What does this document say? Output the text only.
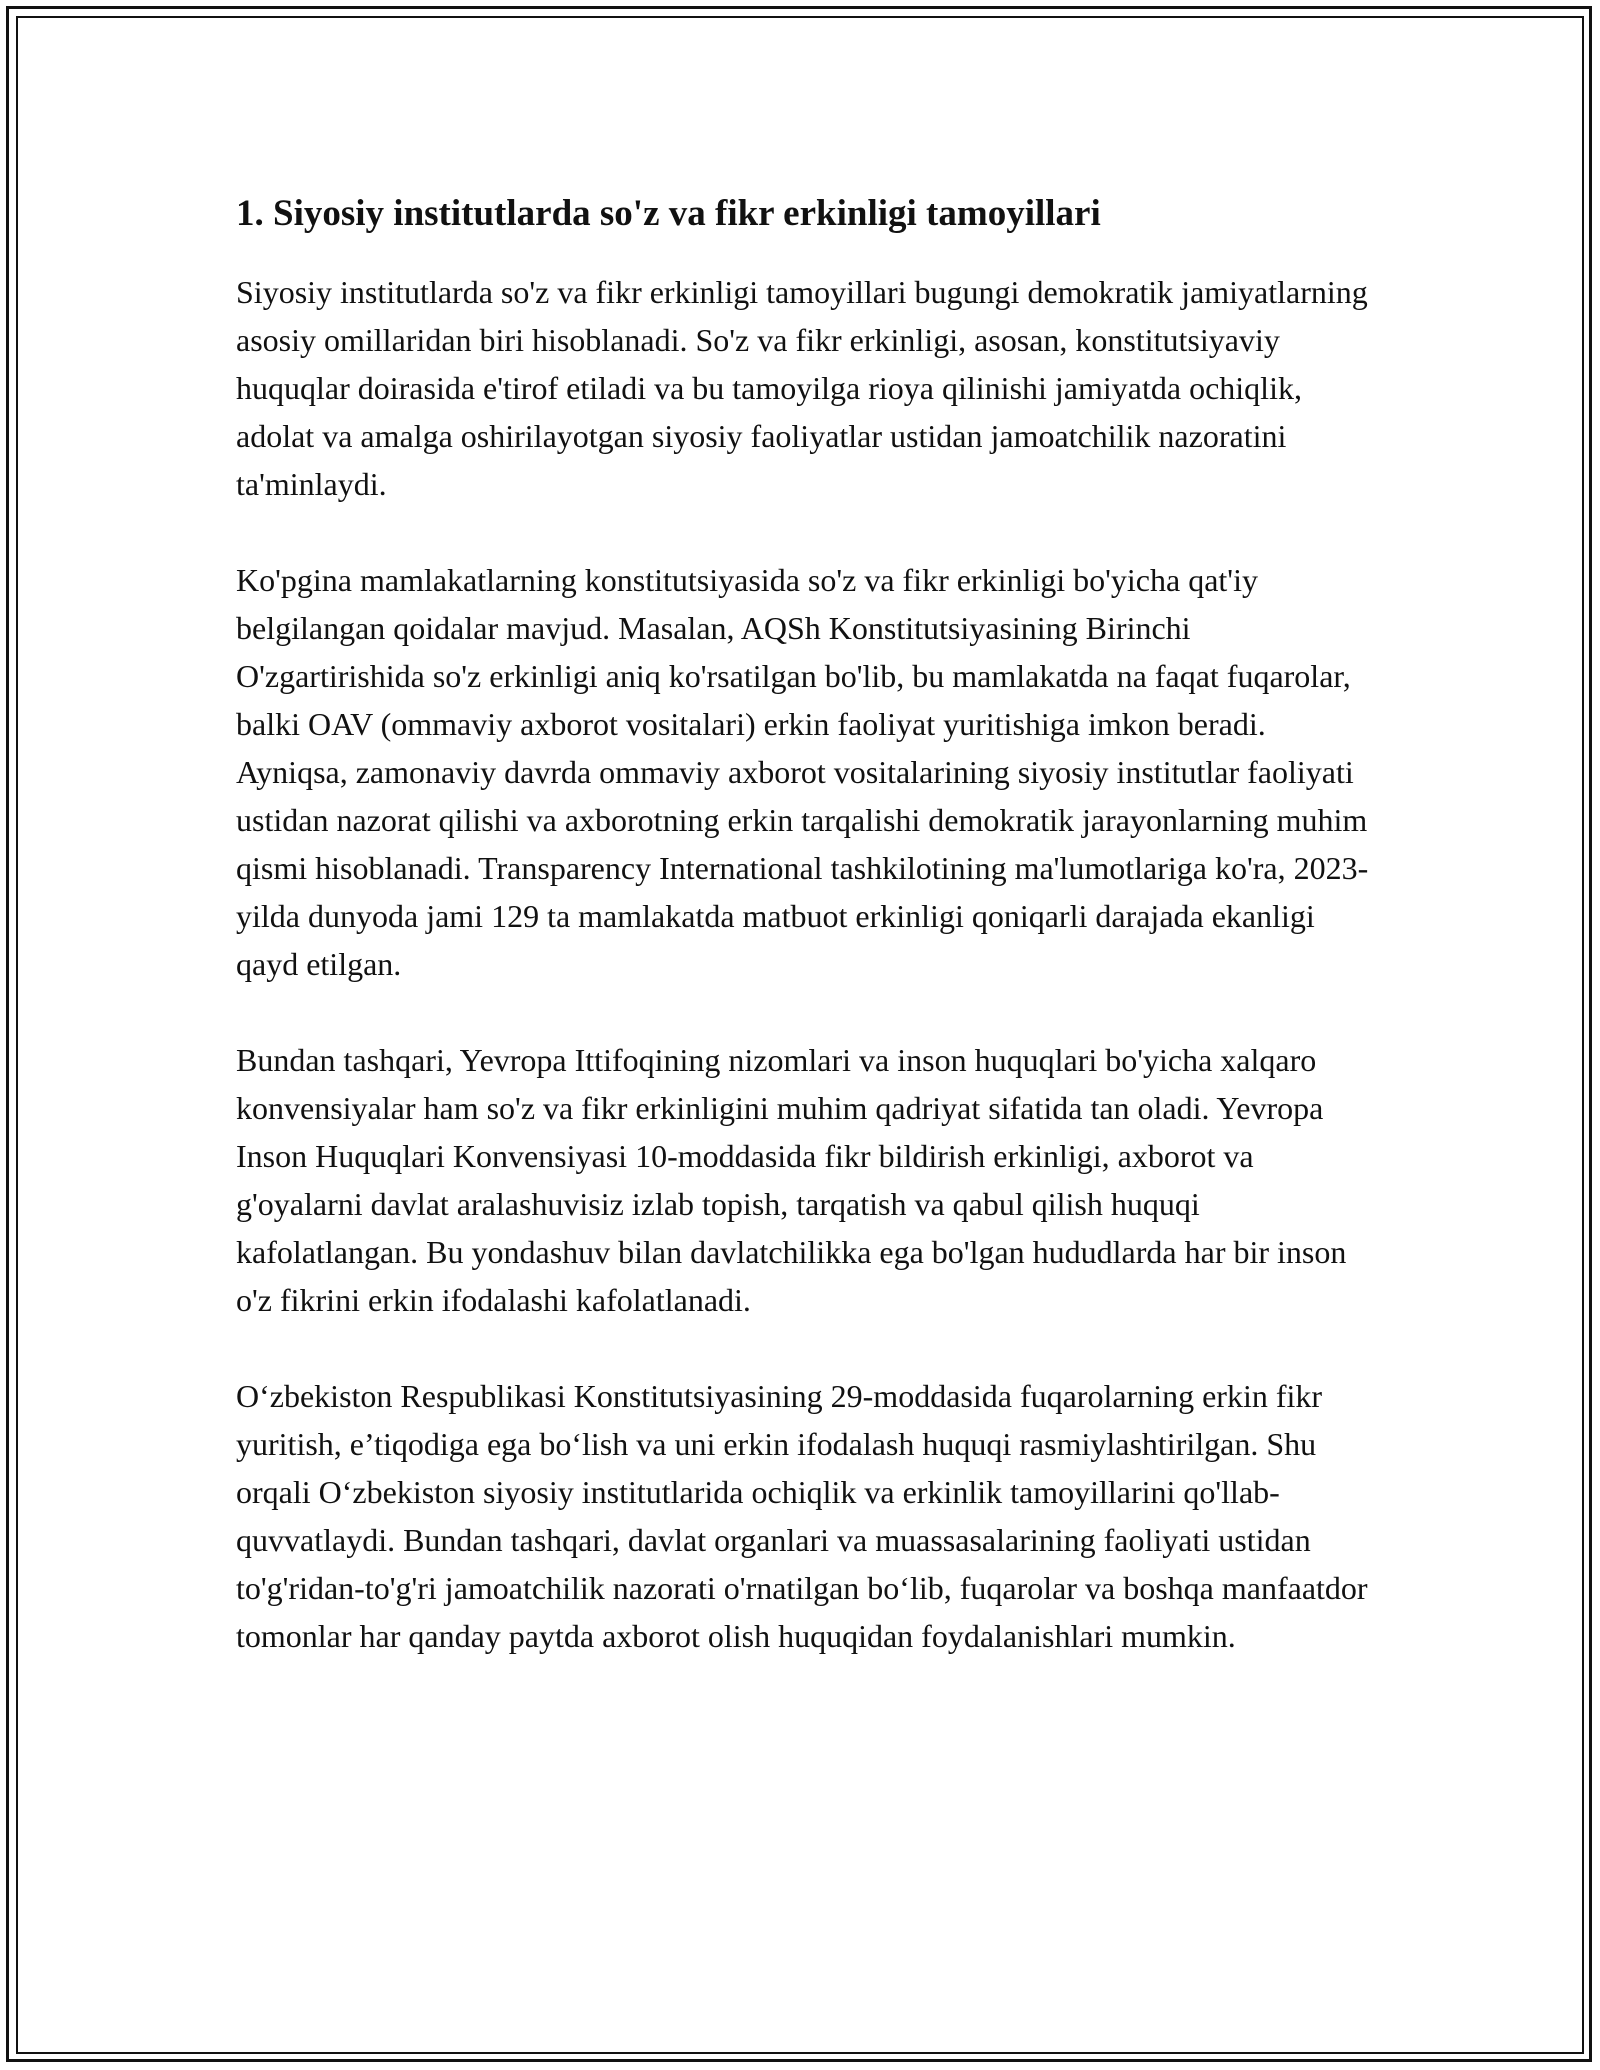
1. Siyosiy institutlarda so'z va fikr erkinligi tamoyillari

Siyosiy institutlarda so'z va fikr erkinligi tamoyillari bugungi demokratik jamiyatlarning asosiy omillaridan biri hisoblanadi. So'z va fikr erkinligi, asosan, konstitutsiyaviy huquqlar doirasida e'tirof etiladi va bu tamoyilga rioya qilinishi jamiyatda ochiqlik, adolat va amalga oshirilayotgan siyosiy faoliyatlar ustidan jamoatchilik nazoratini ta'minlaydi.

Ko'pgina mamlakatlarning konstitutsiyasida so'z va fikr erkinligi bo'yicha qat'iy belgilangan qoidalar mavjud. Masalan, AQSh Konstitutsiyasining Birinchi O'zgartirishida so'z erkinligi aniq ko'rsatilgan bo'lib, bu mamlakatda na faqat fuqarolar, balki OAV (ommaviy axborot vositalari) erkin faoliyat yuritishiga imkon beradi. Ayniqsa, zamonaviy davrda ommaviy axborot vositalarining siyosiy institutlar faoliyati ustidan nazorat qilishi va axborotning erkin tarqalishi demokratik jarayonlarning muhim qismi hisoblanadi. Transparency International tashkilotining ma'lumotlariga ko'ra, 2023-yilda dunyoda jami 129 ta mamlakatda matbuot erkinligi qoniqarli darajada ekanligi qayd etilgan.

Bundan tashqari, Yevropa Ittifoqining nizomlari va inson huquqlari bo'yicha xalqaro konvensiyalar ham so'z va fikr erkinligini muhim qadriyat sifatida tan oladi. Yevropa Inson Huquqlari Konvensiyasi 10-moddasida fikr bildirish erkinligi, axborot va g'oyalarni davlat aralashuvisiz izlab topish, tarqatish va qabul qilish huquqi kafolatlangan. Bu yondashuv bilan davlatchilikka ega bo'lgan hududlarda har bir inson o'z fikrini erkin ifodalashi kafolatlanadi.

O‘zbekiston Respublikasi Konstitutsiyasining 29-moddasida fuqarolarning erkin fikr yuritish, e’tiqodiga ega bo‘lish va uni erkin ifodalash huquqi rasmiylashtirilgan. Shu orqali O‘zbekiston siyosiy institutlarida ochiqlik va erkinlik tamoyillarini qo'llab-quvvatlaydi. Bundan tashqari, davlat organlari va muassasalarining faoliyati ustidan to'g'ridan-to'g'ri jamoatchilik nazorati o'rnatilgan bo‘lib, fuqarolar va boshqa manfaatdor tomonlar har qanday paytda axborot olish huquqidan foydalanishlari mumkin.
